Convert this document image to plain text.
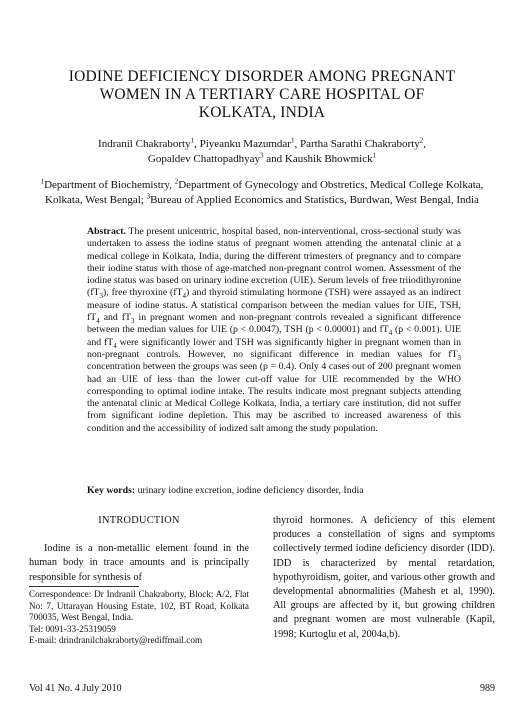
IODINE DEFICIENCY DISORDER AMONG PREGNANT
WOMEN IN A TERTIARY CARE HOSPITAL OF
KOLKATA, INDIA
Indranil Chakraborty$^1$, Piyeanku Mazumdar$^1$, Partha Sarathi Chakraborty$^2$,
Gopaldev Chattopadhyay$^3$ and Kaushik Bhowmick$^1$
$^1$Department of Biochemistry, $^2$Department of Gynecology and Obstretics, Medical College Kolkata, Kolkata, West Bengal; $^3$Bureau of Applied Economics and Statistics, Burdwan, West Bengal, India
Abstract. The present unicentric, hospital based, non-interventional, cross-sectional study was undertaken to assess the iodine status of pregnant women attending the antenatal clinic at a medical college in Kolkata, India, during the different trimesters of pregnancy and to compare their iodine status with those of age-matched non-pregnant control women. Assessment of the iodine status was based on urinary iodine excretion (UIE). Serum levels of free triiodithyronine $(fT_3)$, free thyroxine $(fT_4)$ and thyroid stimulating hormone (TSH) were assayed as an indirect measure of iodine status. A statistical comparison between the median values for UIE, TSH, $fT_4$ and $fT_3$ in pregnant women and non-pregnant controls revealed a significant difference between the median values for UIE (p < 0.0047), TSH (p < 0.00001) and $fT_4$ (p < 0.001). UIE and $fT_4$ were significantly lower and TSH was significantly higher in pregnant women than in non-pregnant controls. However, no significant difference in median values for $fT_3$ concentration between the groups was seen (p = 0.4). Only 4 cases out of 200 pregnant women had an UIE of less than the lower cut-off value for UIE recommended by the WHO corresponding to optimal iodine intake. The results indicate most pregnant subjects attending the antenatal clinic at Medical College Kolkata, India, a tertiary care institution, did not suffer from significant iodine depletion. This may be ascribed to increased awareness of this condition and the accessibility of iodized salt among the study population.
Key words: urinary iodine excretion, iodine deficiency disorder, India
INTRODUCTION

Iodine is a non-metallic element found in the human body in trace amounts and is principally responsible for synthesis of

Correspondence: Dr Indranil Chakraborty, Block: A/2, Flat No: 7, Uttarayan Housing Estate, 102, BT Road, Kolkata 700035, West Bengal, India.
Tel: 0091-33-25319059
E-mail: drindranilchakraborty@rediffmail.com
thyroid hormones. A deficiency of this element produces a constellation of signs and symptoms collectively termed iodine deficiency disorder (IDD). IDD is characterized by mental retardation, hypothyroidism, goiter, and various other growth and developmental abnormalities (Mahesh et al, 1990). All groups are affected by it, but growing children and pregnant women are most vulnerable (Kapil, 1998; Kurtoglu et al, 2004a,b).
Vol 41 No. 4 July 2010	989
